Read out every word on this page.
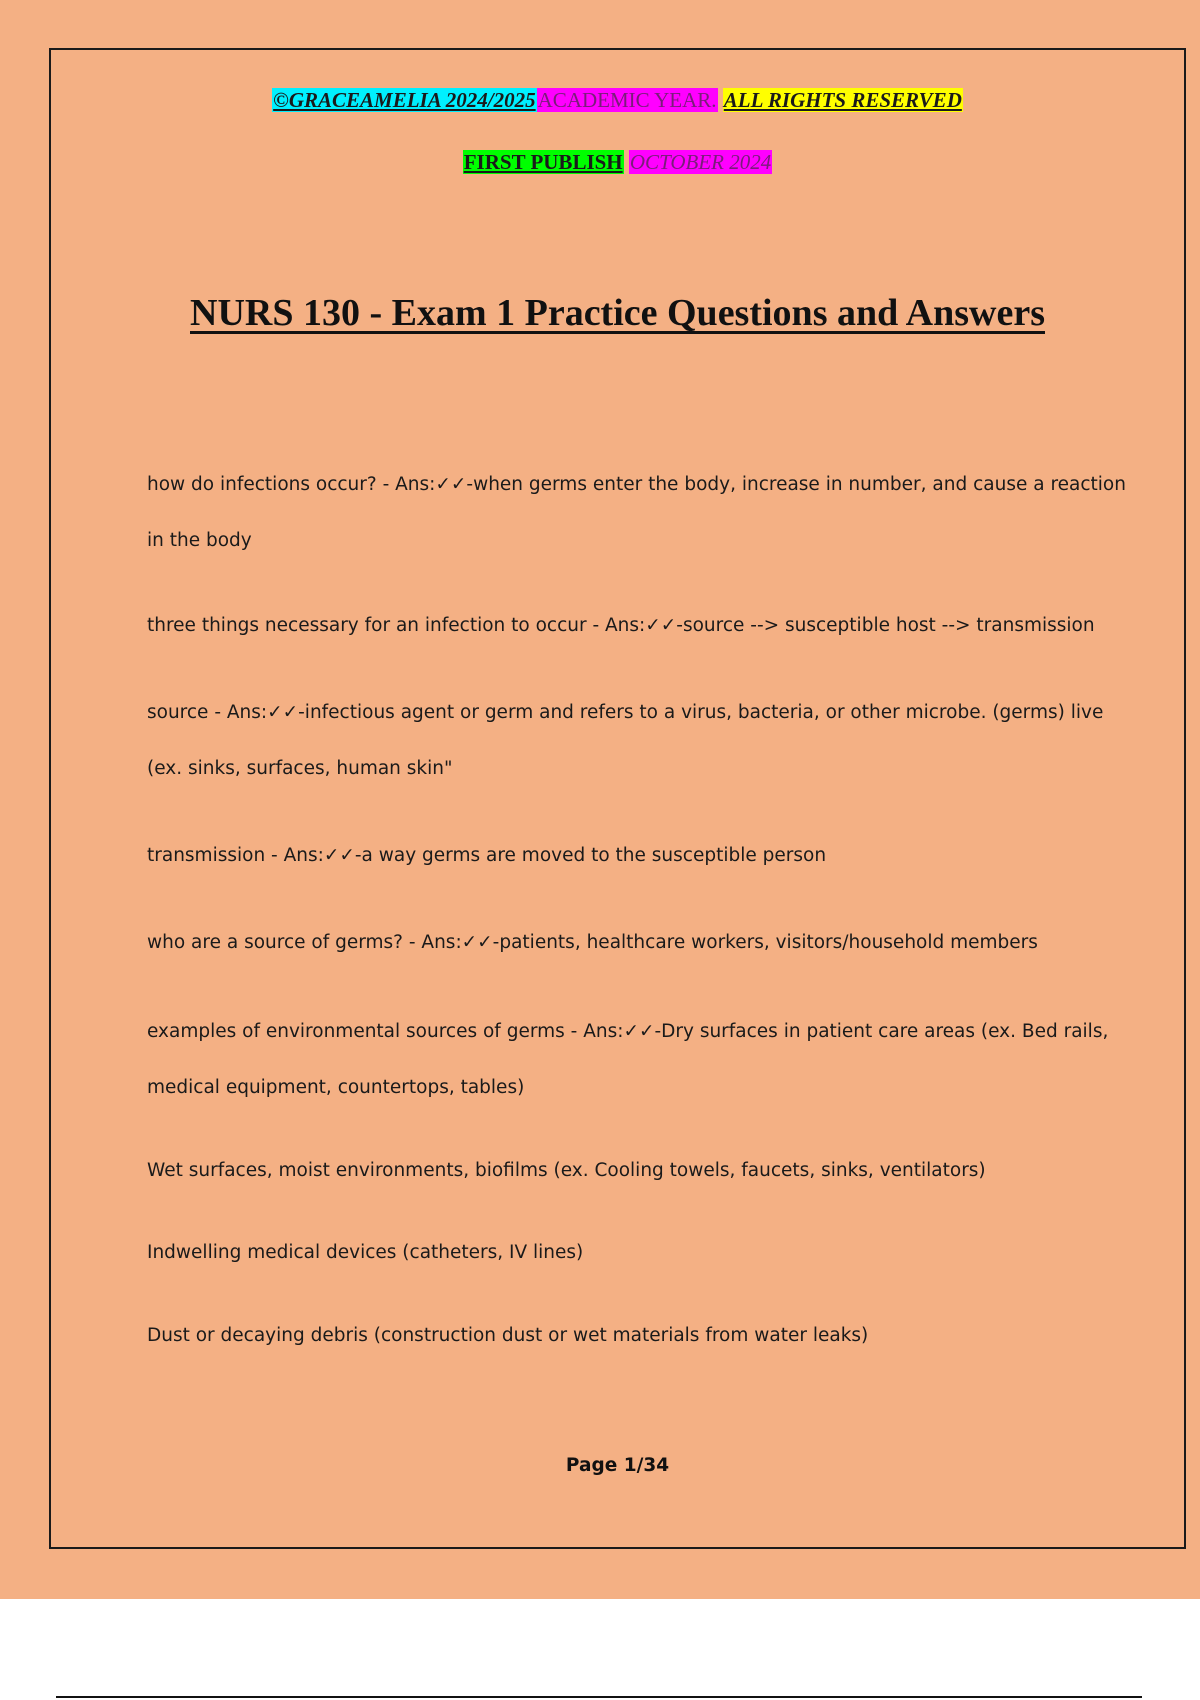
©GRACEAMELIA 2024/2025ACADEMIC YEAR. ALL RIGHTS RESERVED
FIRST PUBLISH OCTOBER 2024
NURS 130 - Exam 1 Practice Questions and Answers
how do infections occur? - Ans:✓✓-when germs enter the body, increase in number, and cause a reaction in the body
three things necessary for an infection to occur - Ans:✓✓-source --> susceptible host --> transmission
source - Ans:✓✓-infectious agent or germ and refers to a virus, bacteria, or other microbe. (germs) live (ex. sinks, surfaces, human skin"
transmission - Ans:✓✓-a way germs are moved to the susceptible person
who are a source of germs? - Ans:✓✓-patients, healthcare workers, visitors/household members
examples of environmental sources of germs - Ans:✓✓-Dry surfaces in patient care areas (ex. Bed rails, medical equipment, countertops, tables)
Wet surfaces, moist environments, biofilms (ex. Cooling towels, faucets, sinks, ventilators)
Indwelling medical devices (catheters, IV lines)
Dust or decaying debris (construction dust or wet materials from water leaks)
Page 1/34
